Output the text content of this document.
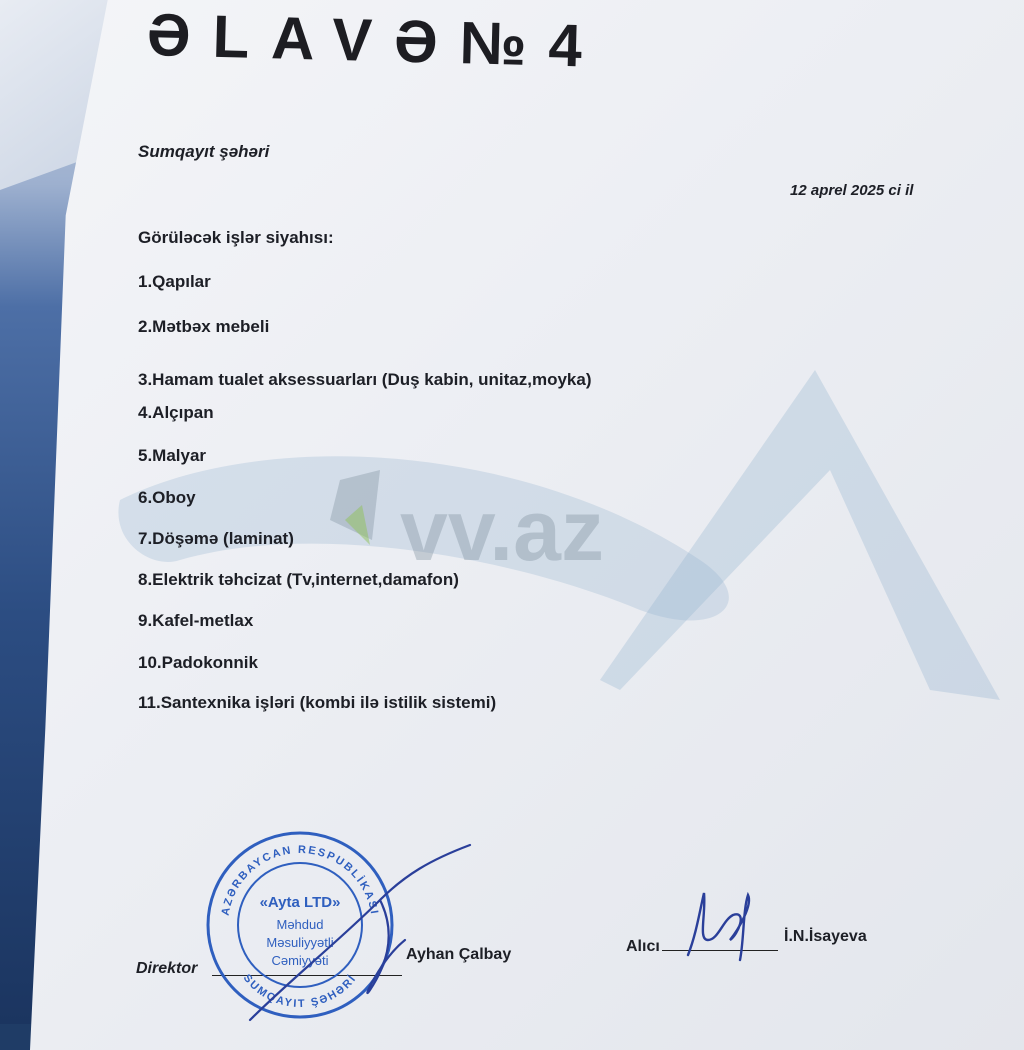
vv.az
ƏLAVƏ№4
Sumqayıt şəhəri
12 aprel 2025 ci il
Görüləcək işlər siyahısı:
1.Qapılar
2.Mətbəx mebeli
3.Hamam tualet aksessuarları (Duş kabin, unitaz,moyka)
4.Alçıpan
5.Malyar
6.Oboy
7.Döşəmə (laminat)
8.Elektrik təhcizat (Tv,internet,damafon)
9.Kafel-metlax
10.Padokonnik
11.Santexnika işləri (kombi ilə istilik sistemi)
Direktor
Ayhan Çalbay	Alıcı
İ.N.İsayeva
AZƏRBAYCAN RESPUBLİKASI
SUMQAYIT ŞƏHƏRİ
«Ayta LTD»
Məhdud
Məsuliyyətli
Cəmiyyəti
